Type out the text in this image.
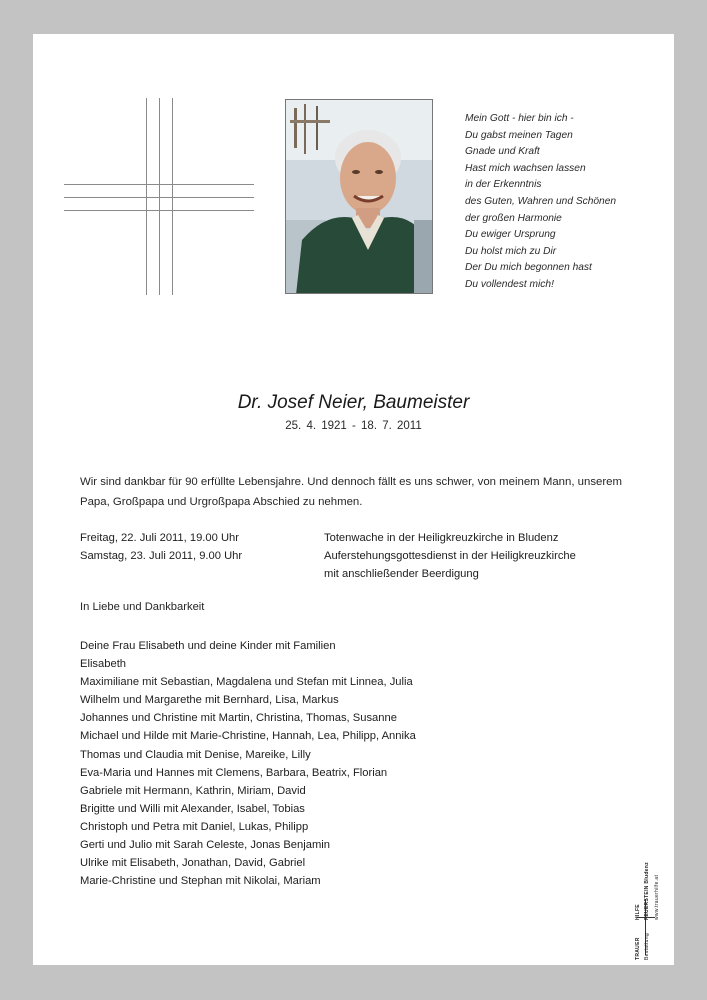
Mein Gott - hier bin ich -
Du gabst meinen Tagen
Gnade und Kraft
Hast mich wachsen lassen
in der Erkenntnis
des Guten, Wahren und Schönen
der großen Harmonie
Du ewiger Ursprung
Du holst mich zu Dir
Der Du mich begonnen hast
Du vollendest mich!
Dr. Josef Neier, Baumeister
25. 4. 1921 - 18. 7. 2011
Wir sind dankbar für 90 erfüllte Lebensjahre. Und dennoch fällt es uns schwer, von meinem Mann, unserem Papa, Großpapa und Urgroßpapa Abschied zu nehmen.
Freitag, 22. Juli 2011, 19.00 Uhr	Totenwache in der Heiligkreuzkirche in Bludenz
Samstag, 23. Juli 2011, 9.00 Uhr	Auferstehungsgottesdienst in der Heiligkreuzkirche
mit anschließender Beerdigung
In Liebe und Dankbarkeit
Deine Frau Elisabeth und deine Kinder mit Familien
Elisabeth
Maximiliane mit Sebastian, Magdalena und Stefan mit Linnea, Julia
Wilhelm und Margarethe mit Bernhard, Lisa, Markus
Johannes und Christine mit Martin, Christina, Thomas, Susanne
Michael und Hilde mit Marie-Christine, Hannah, Lea, Philipp, Annika
Thomas und Claudia mit Denise, Mareike, Lilly
Eva-Maria und Hannes mit Clemens, Barbara, Beatrix, Florian
Gabriele mit Hermann, Kathrin, Miriam, David
Brigitte und Willi mit Alexander, Isabel, Tobias
Christoph und Petra mit Daniel, Lukas, Philipp
Gerti und Julio mit Sarah Celeste, Jonas Benjamin
Ulrike mit Elisabeth, Jonathan, David, Gabriel
Marie-Christine und Stephan mit Nikolai, Mariam
TRAUER
HILFE
Bestattung
FEUERSTEIN Bludenz www.trauerhilfe.at
